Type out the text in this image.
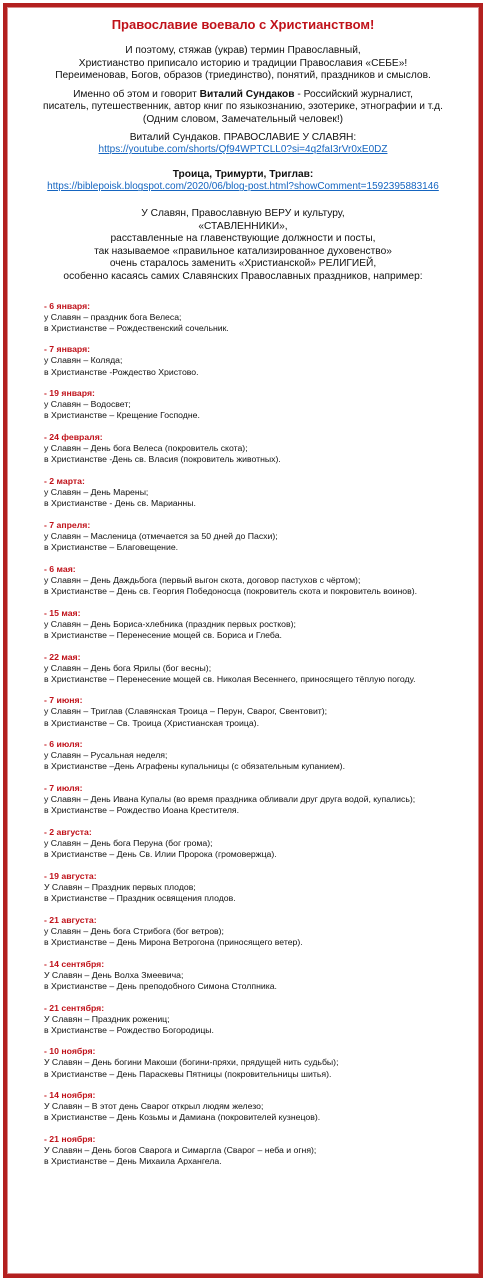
Православие воевало с Христианством!
И поэтому, стяжав (украв) термин Православный,
Христианство приписало историю и традиции Православия «СЕБЕ»!
Переименовав, Богов, образов (триединство), понятий, праздников и смыслов.
Именно об этом и говорит Виталий Сундаков - Российский журналист,
писатель, путешественник, автор книг по языкознанию, эзотерике, этнографии и т.д.
(Одним словом, Замечательный человек!)
Виталий Сундаков. ПРАВОСЛАВИЕ У СЛАВЯН:
https://youtube.com/shorts/Qf94WPTCLL0?si=4q2faI3rVr0xE0DZ
Троица, Тримурти, Триглав:
https://biblepoisk.blogspot.com/2020/06/blog-post.html?showComment=1592395883146
У Славян, Православную ВЕРУ и культуру,
«СТАВЛЕННИКИ»,
расставленные на главенствующие должности и посты,
так называемое «правильное катализированное духовенство»
очень старалось заменить «Христианской» РЕЛИГИЕЙ,
особенно касаясь самих Славянских Православных праздников, например:
- 6 января:
у Славян – праздник бога Велеса;
в Христианстве – Рождественский сочельник.
- 7 января:
у Славян – Коляда;
в Христианстве -Рождество Христово.
- 19 января:
у Славян – Водосвет;
в Христианстве – Крещение Господне.
- 24 февраля:
у Славян – День бога Велеса (покровитель скота);
в Христианстве -День св. Власия (покровитель животных).
- 2 марта:
у Славян – День Марены;
в Христианстве - День св. Марианны.
- 7 апреля:
у Славян – Масленица (отмечается за 50 дней до Пасхи);
в Христианстве – Благовещение.
- 6 мая:
у Славян – День Даждьбога (первый выгон скота, договор пастухов с чёртом);
в Христианстве – День св. Георгия Победоносца (покровитель скота и покровитель воинов).
- 15 мая:
у Славян – День Бориса-хлебника (праздник первых ростков);
в Христианстве – Перенесение мощей св. Бориса и Глеба.
- 22 мая:
у Славян – День бога Ярилы (бог весны);
в Христианстве – Перенесение мощей св. Николая Весеннего, приносящего тёплую погоду.
- 7 июня:
у Славян – Триглав (Славянская Троица – Перун, Сварог, Свентовит);
в Христианстве – Св. Троица (Христианская троица).
- 6 июля:
у Славян – Русальная неделя;
в Христианстве –День Аграфены купальницы (с обязательным купанием).
- 7 июля:
у Славян – День Ивана Купалы (во время праздника обливали друг друга водой, купались);
в Христианстве – Рождество Иоана Крестителя.
- 2 августа:
у Славян – День бога Перуна (бог грома);
в Христианстве – День Св. Илии Пророка (громовержца).
- 19 августа:
У Славян – Праздник первых плодов;
в Христианстве – Праздник освящения плодов.
- 21 августа:
у Славян – День бога Стрибога (бог ветров);
в Христианстве – День Мирона Ветрогона (приносящего ветер).
- 14 сентября:
У Славян – День Волха Змеевича;
в Христианстве – День преподобного Симона Столпника.
- 21 сентября:
У Славян – Праздник рожениц;
в Христианстве – Рождество Богородицы.
- 10 ноября:
У Славян – День богини Макоши (богини-пряхи, прядущей нить судьбы);
в Христианстве – День Параскевы Пятницы (покровительницы шитья).
- 14 ноября:
У Славян – В этот день Сварог открыл людям железо;
в Христианстве – День Козьмы и Дамиана (покровителей кузнецов).
- 21 ноября:
У Славян – День богов Сварога и Симаргла (Сварог – неба и огня);
в Христианстве – День Михаила Архангела.
